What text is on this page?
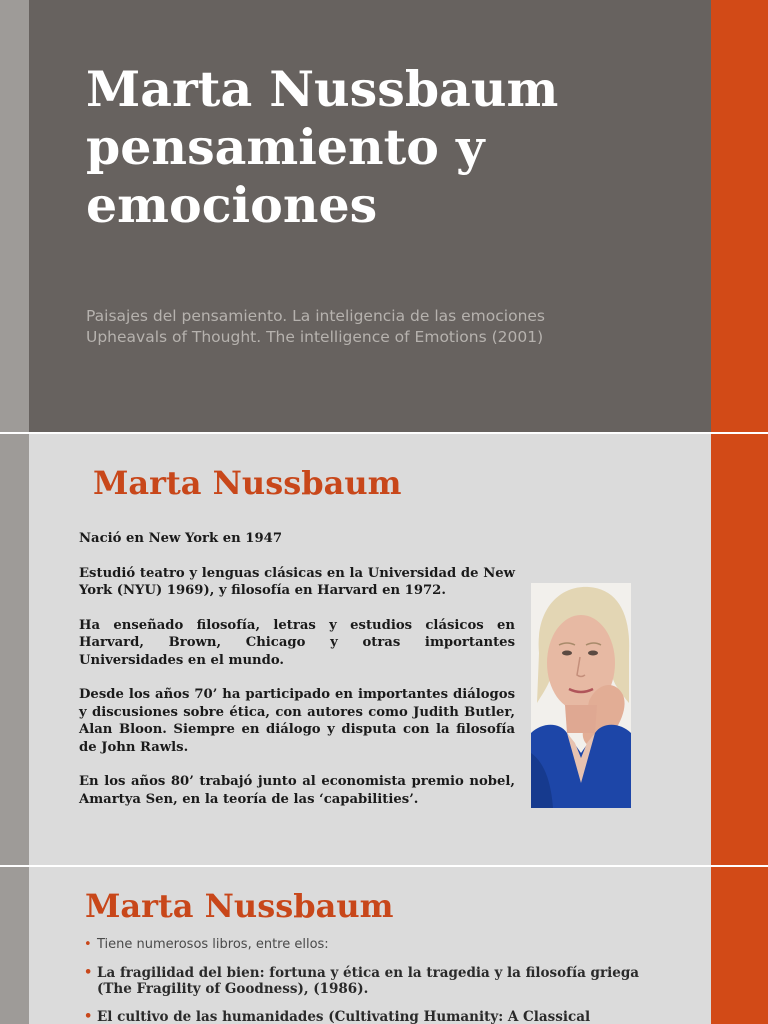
Marta Nussbaum
pensamiento y
emociones
Paisajes del pensamiento. La inteligencia de las emociones
Upheavals of Thought. The intelligence of Emotions (2001)
Marta Nussbaum

Nació en New York en 1947

Estudió teatro y lenguas clásicas en la Universidad de New York (NYU) 1969), y filosofía en Harvard en 1972.

Ha enseñado filosofía, letras y estudios clásicos en Harvard, Brown, Chicago y otras importantes Universidades en el mundo.

Desde los años 70’ ha participado en importantes diálogos y discusiones sobre ética, con autores como Judith Butler, Alan Bloon. Siempre en diálogo y disputa con la filosofía de John Rawls.

En los años 80’ trabajó junto al economista premio nobel, Amartya Sen, en la teoría de las ‘capabilities’.

Marta Nussbaum
• Tiene numerosos libros, entre ellos:
• La fragilidad del bien: fortuna y ética en la tragedia y la filosofía griega (The Fragility of Goodness), (1986).
• El cultivo de las humanidades (Cultivating Humanity: A Classical
